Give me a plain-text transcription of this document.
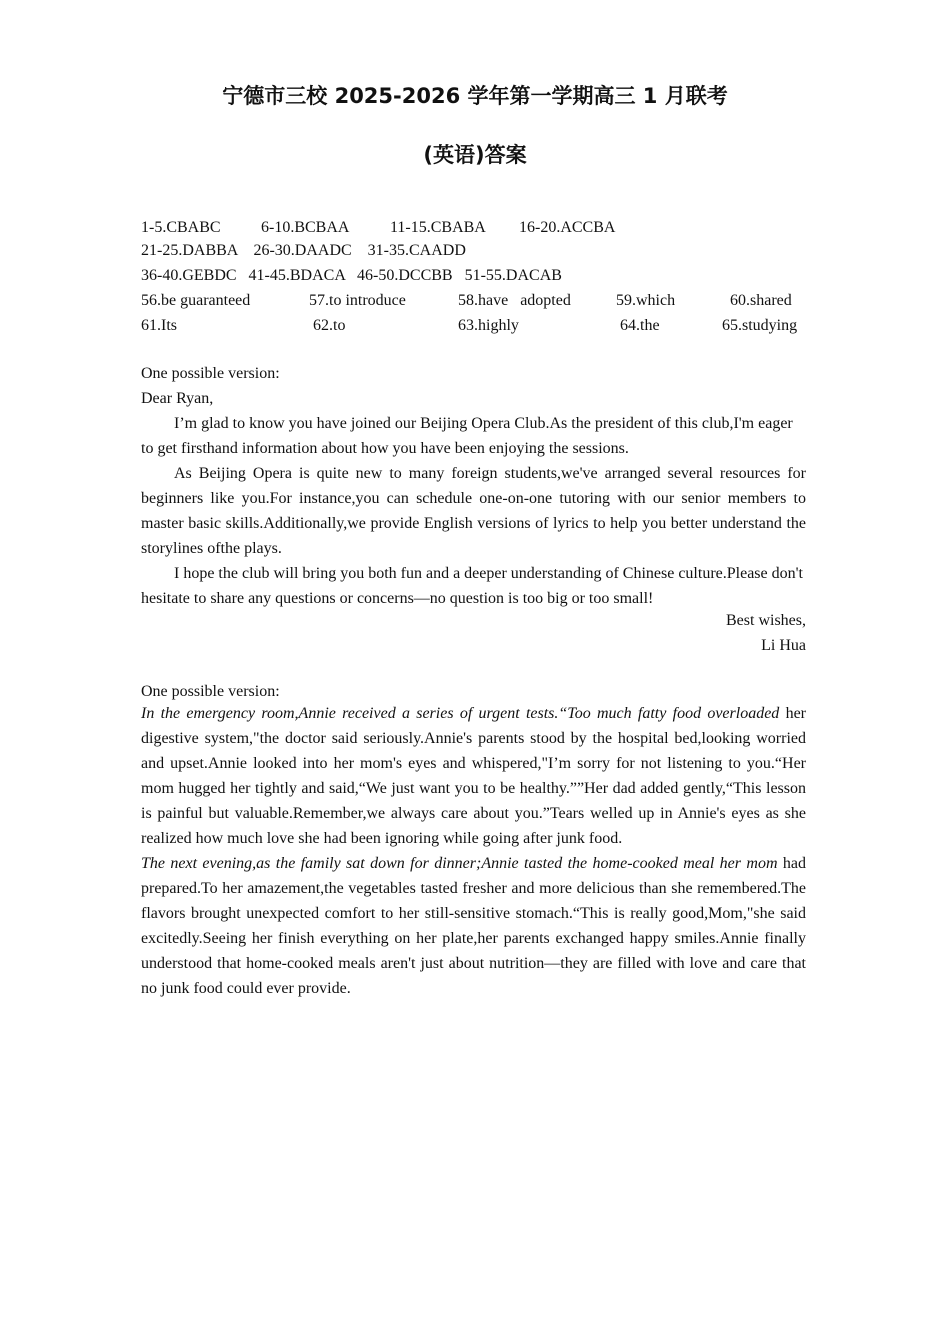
宁德市三校 2025-2026 学年第一学期高三 1 月联考
(英语)答案
1-5.CBABC	6-10.BCBAA	11-15.CBABA	16-20.ACCBA
21-25.DABBA    26-30.DAADC    31-35.CAADD
36-40.GEBDC   41-45.BDACA   46-50.DCCBB   51-55.DACAB
56.be guaranteed	57.to introduce	58.have   adopted	59.which	60.shared
61.Its	62.to	63.highly	64.the	65.studying

One possible version:

Dear Ryan,

I’m glad to know you have joined our Beijing Opera Club.As the president of this club,I'm eager to get firsthand information about how you have been enjoying the sessions.

As Beijing Opera is quite new to many foreign students,we've arranged several resources for beginners like you.For instance,you can schedule one-on-one tutoring with our senior members to master basic skills.Additionally,we provide English versions of lyrics to help you better understand the storylines ofthe plays.

I hope the club will bring you both fun and a deeper understanding of Chinese culture.Please don't hesitate to share any questions or concerns—no question is too big or too small!

Best wishes,

Li Hua

One possible version:

In the emergency room,Annie received a series of urgent tests.“Too much fatty food overloaded her digestive system,"the doctor said seriously.Annie's parents stood by the hospital bed,looking worried and upset.Annie looked into her mom's eyes and whispered,"I’m sorry for not listening to you.“Her mom hugged her tightly and said,“We just want you to be healthy.””Her dad added gently,“This lesson is painful but valuable.Remember,we always care about you.”Tears welled up in Annie's eyes as she realized how much love she had been ignoring while going after junk food.

The next evening,as the family sat down for dinner;Annie tasted the home-cooked meal her mom had prepared.To her amazement,the vegetables tasted fresher and more delicious than she remembered.The flavors brought unexpected comfort to her still-sensitive stomach.“This is really good,Mom,"she said excitedly.Seeing her finish everything on her plate,her parents exchanged happy smiles.Annie finally understood that home-cooked meals aren't just about nutrition—they are filled with love and care that no junk food could ever provide.
